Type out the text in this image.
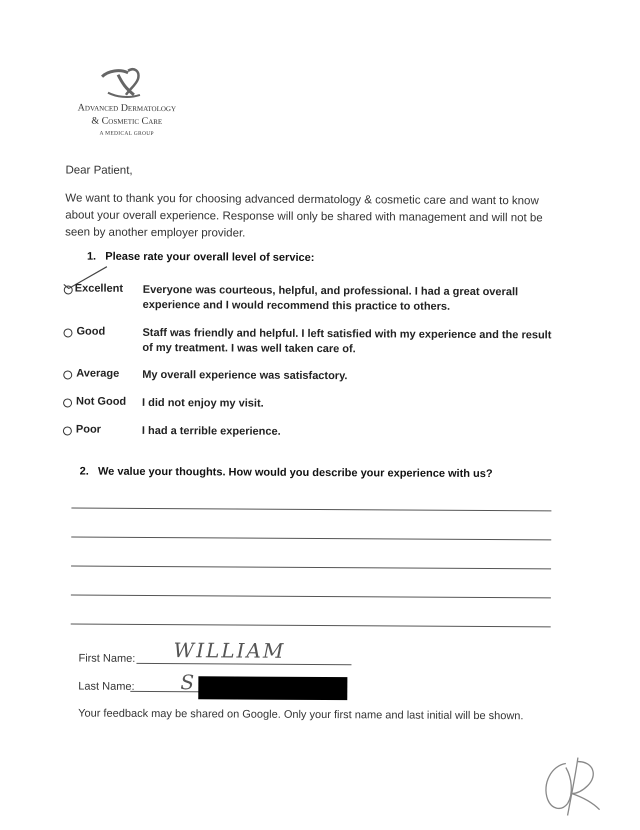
Advanced Dermatology
& Cosmetic Care
A MEDICAL GROUP
Dear Patient,
We want to thank you for choosing advanced dermatology & cosmetic care and want to know about your overall experience. Response will only be shared with management and will not be seen by another employer provider.
1.   Please rate your overall level of service:
Excellent Everyone was courteous, helpful, and professional. I had a great overall experience and I would recommend this practice to others.
Good	Staff was friendly and helpful. I left satisfied with my experience and the result of my treatment. I was well taken care of.
Average My overall experience was satisfactory.
Not Good I did not enjoy my visit.
Poor	I had a terrible experience.
2.   We value your thoughts. How would you describe your experience with us?
First Name: WILLIAM
Last Name: S
Your feedback may be shared on Google. Only your first name and last initial will be shown.
